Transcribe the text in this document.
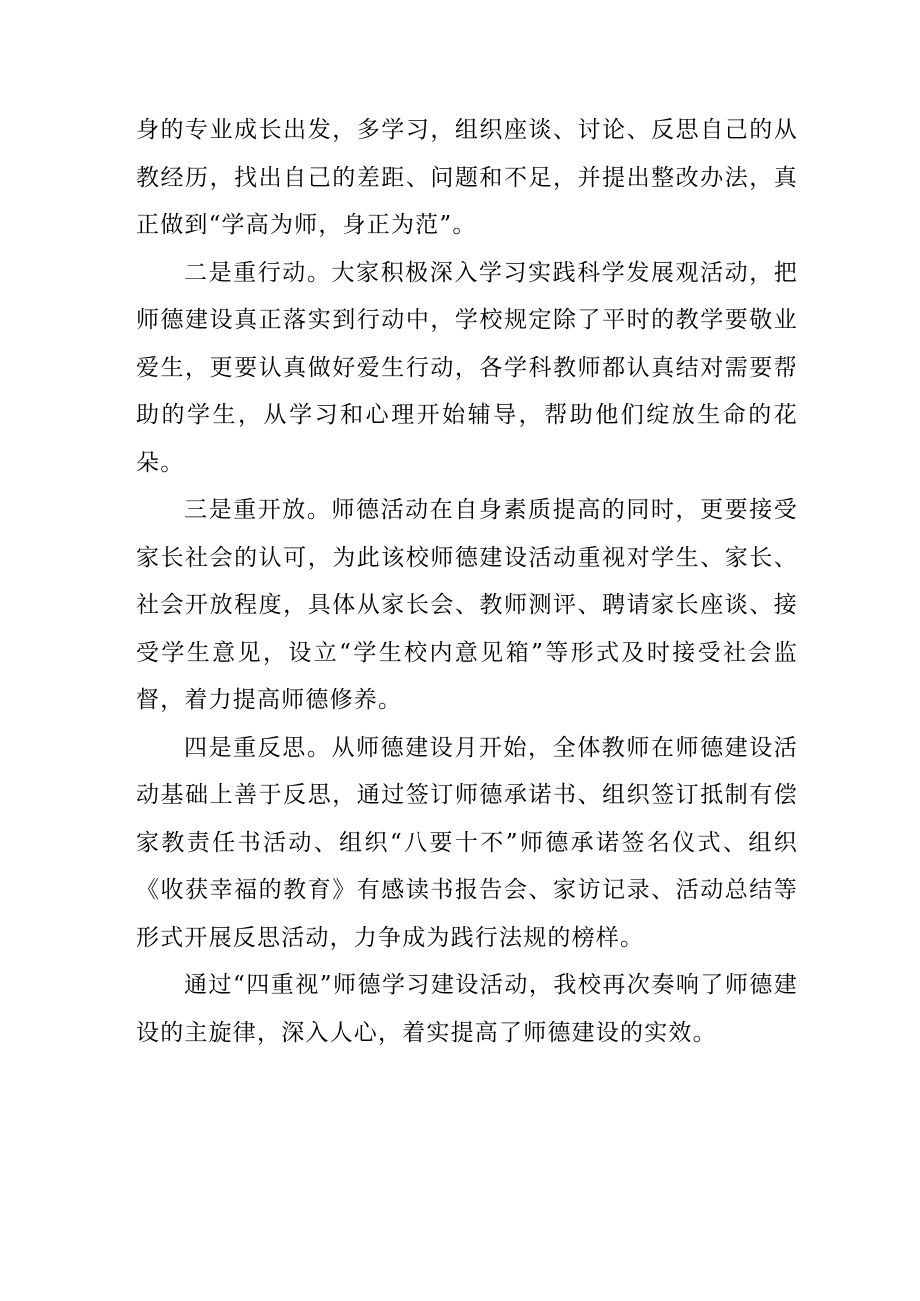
身的专业成长出发，多学习，组织座谈、讨论、反思自己的从教经历，找出自己的差距、问题和不足，并提出整改办法，真正做到“学高为师，身正为范”。

二是重行动。大家积极深入学习实践科学发展观活动，把师德建设真正落实到行动中，学校规定除了平时的教学要敬业爱生，更要认真做好爱生行动，各学科教师都认真结对需要帮助的学生，从学习和心理开始辅导，帮助他们绽放生命的花朵。

三是重开放。师德活动在自身素质提高的同时，更要接受家长社会的认可，为此该校师德建设活动重视对学生、家长、社会开放程度，具体从家长会、教师测评、聘请家长座谈、接受学生意见，设立“学生校内意见箱”等形式及时接受社会监督，着力提高师德修养。

四是重反思。从师德建设月开始，全体教师在师德建设活动基础上善于反思，通过签订师德承诺书、组织签订抵制有偿家教责任书活动、组织“八要十不”师德承诺签名仪式、组织《收获幸福的教育》有感读书报告会、家访记录、活动总结等形式开展反思活动，力争成为践行法规的榜样。

通过“四重视”师德学习建设活动，我校再次奏响了师德建设的主旋律，深入人心，着实提高了师德建设的实效。
